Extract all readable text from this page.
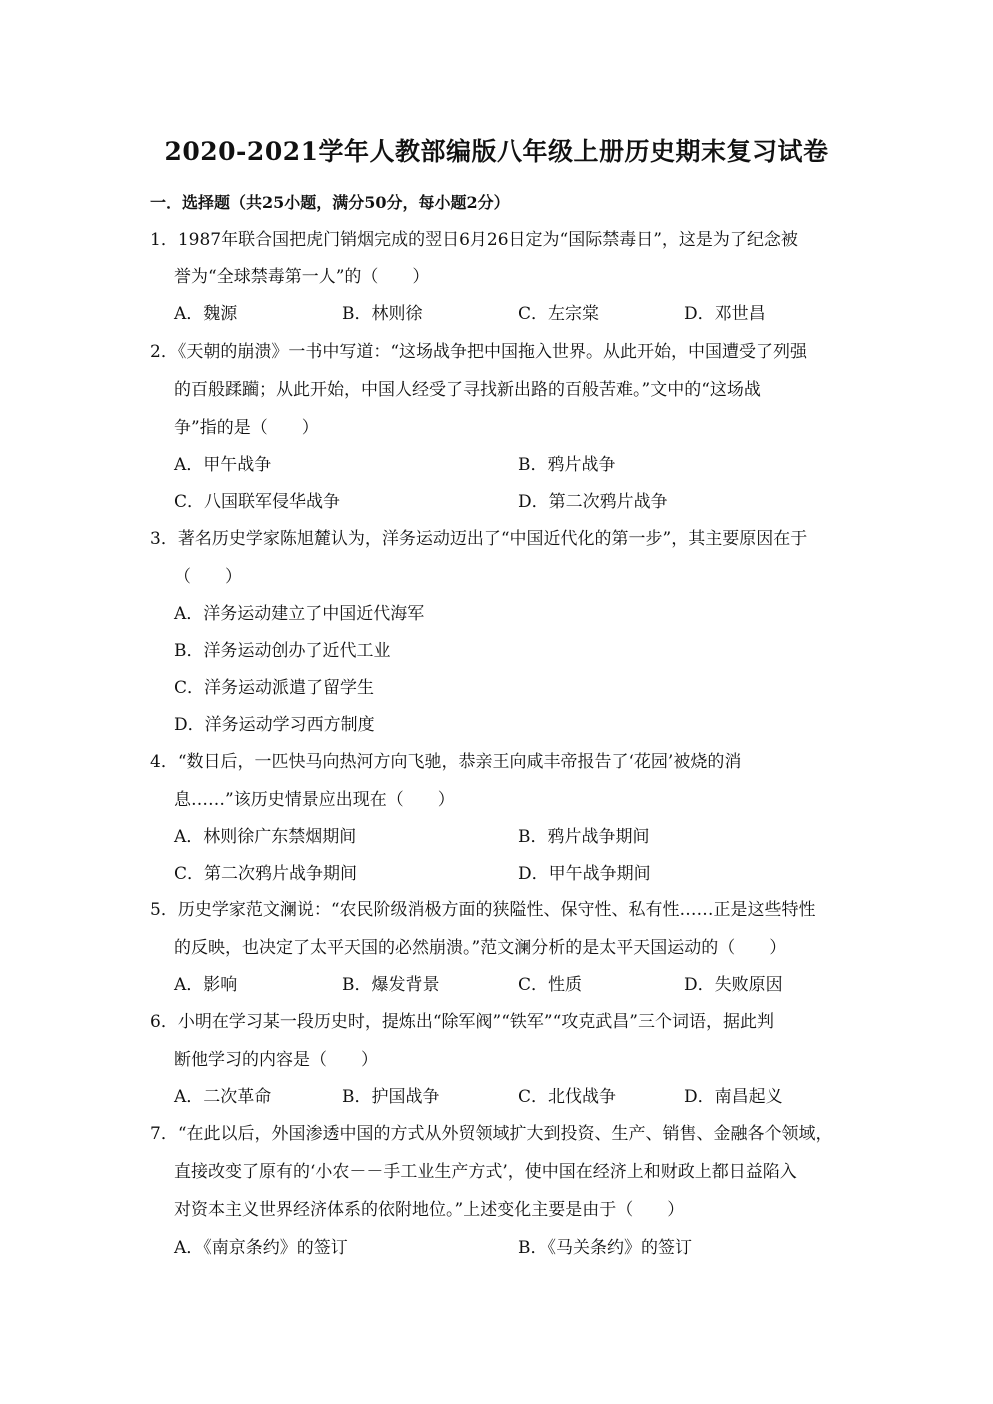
2020-2021学年人教部编版八年级上册历史期末复习试卷
一．选择题（共25小题，满分50分，每小题2分）
1．1987年联合国把虎门销烟完成的翌日6月26日定为“国际禁毒日”，这是为了纪念被
誉为“全球禁毒第一人”的（　　）
A．魏源	B．林则徐	C．左宗棠	D．邓世昌
2．《天朝的崩溃》一书中写道：“这场战争把中国拖入世界。从此开始，中国遭受了列强
的百般蹂躏；从此开始，中国人经受了寻找新出路的百般苦难。”文中的“这场战
争”指的是（　　）
A．甲午战争	B．鸦片战争
C．八国联军侵华战争	D．第二次鸦片战争
3．著名历史学家陈旭麓认为，洋务运动迈出了“中国近代化的第一步”，其主要原因在于
（　　）
A．洋务运动建立了中国近代海军
B．洋务运动创办了近代工业
C．洋务运动派遣了留学生
D．洋务运动学习西方制度
4．“数日后，一匹快马向热河方向飞驰，恭亲王向咸丰帝报告了‘花园’被烧的消
息……”该历史情景应出现在（　　）
A．林则徐广东禁烟期间	B．鸦片战争期间
C．第二次鸦片战争期间	D．甲午战争期间
5．历史学家范文澜说：“农民阶级消极方面的狭隘性、保守性、私有性……正是这些特性
的反映，也决定了太平天国的必然崩溃。”范文澜分析的是太平天国运动的（　　）
A．影响	B．爆发背景	C．性质	D．失败原因
6．小明在学习某一段历史时，提炼出“除军阀”“铁军”“攻克武昌”三个词语，据此判
断他学习的内容是（　　）
A．二次革命	B．护国战争	C．北伐战争	D．南昌起义
7．“在此以后，外国渗透中国的方式从外贸领域扩大到投资、生产、销售、金融各个领域，
直接改变了原有的‘小农－－手工业生产方式’，使中国在经济上和财政上都日益陷入
对资本主义世界经济体系的依附地位。”上述变化主要是由于（　　）
A．《南京条约》的签订	B．《马关条约》的签订
